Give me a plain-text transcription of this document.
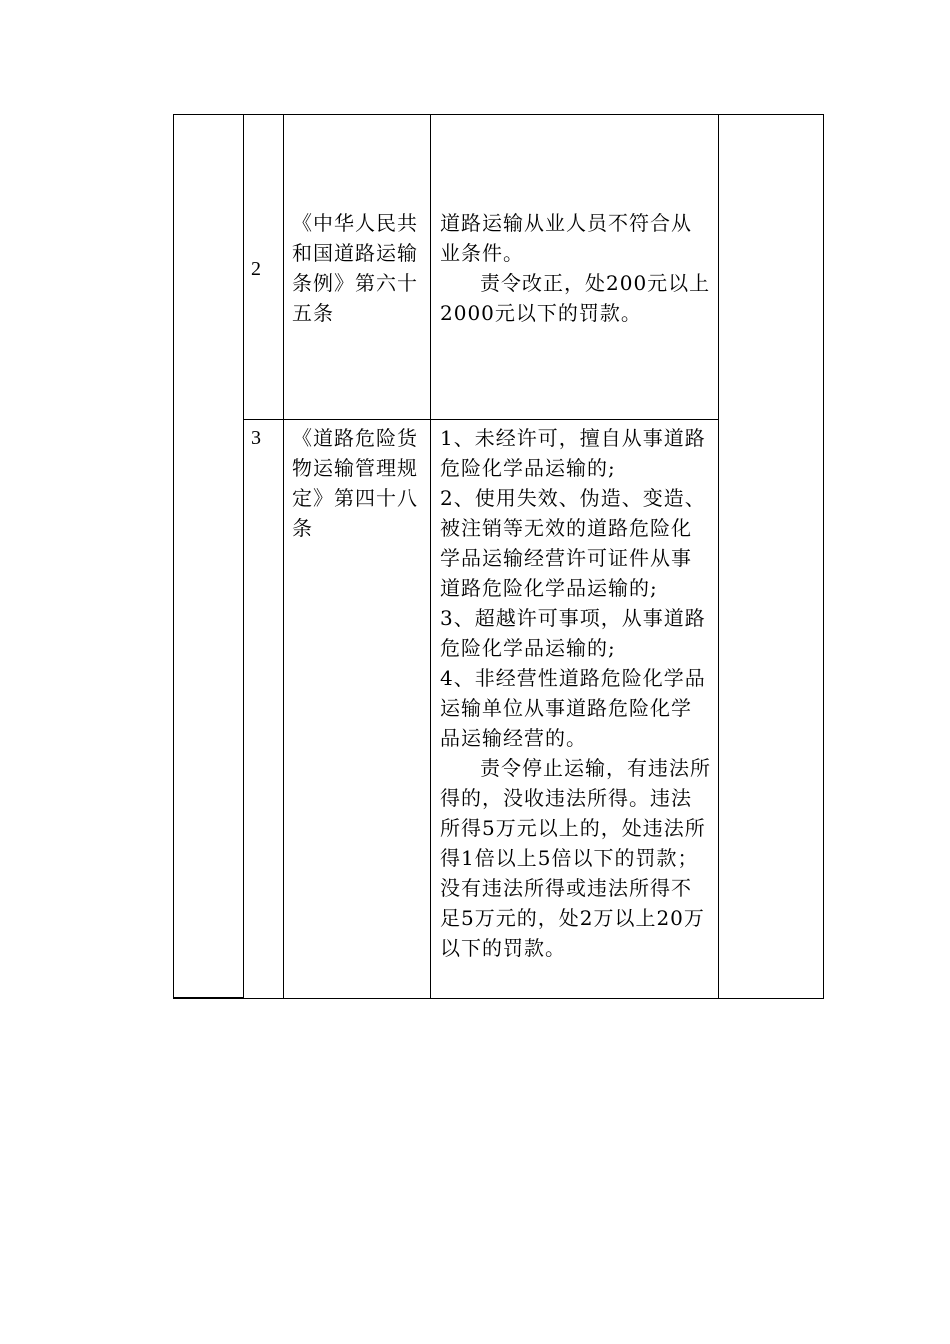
2
《中华人民共和国道路运输条例》第六十五条
道路运输从业人员不符合从业条件。
责令改正，处200元以上2000元以下的罚款。
3	《道路危险货物运输管理规定》第四十八条
1、未经许可，擅自从事道路危险化学品运输的;
2、使用失效、伪造、变造、被注销等无效的道路危险化学品运输经营许可证件从事道路危险化学品运输的;
3、超越许可事项，从事道路危险化学品运输的;
4、非经营性道路危险化学品运输单位从事道路危险化学品运输经营的。
责令停止运输，有违法所得的，没收违法所得。违法所得5万元以上的，处违法所得1倍以上5倍以下的罚款；没有违法所得或违法所得不足5万元的，处2万以上20万以下的罚款。
